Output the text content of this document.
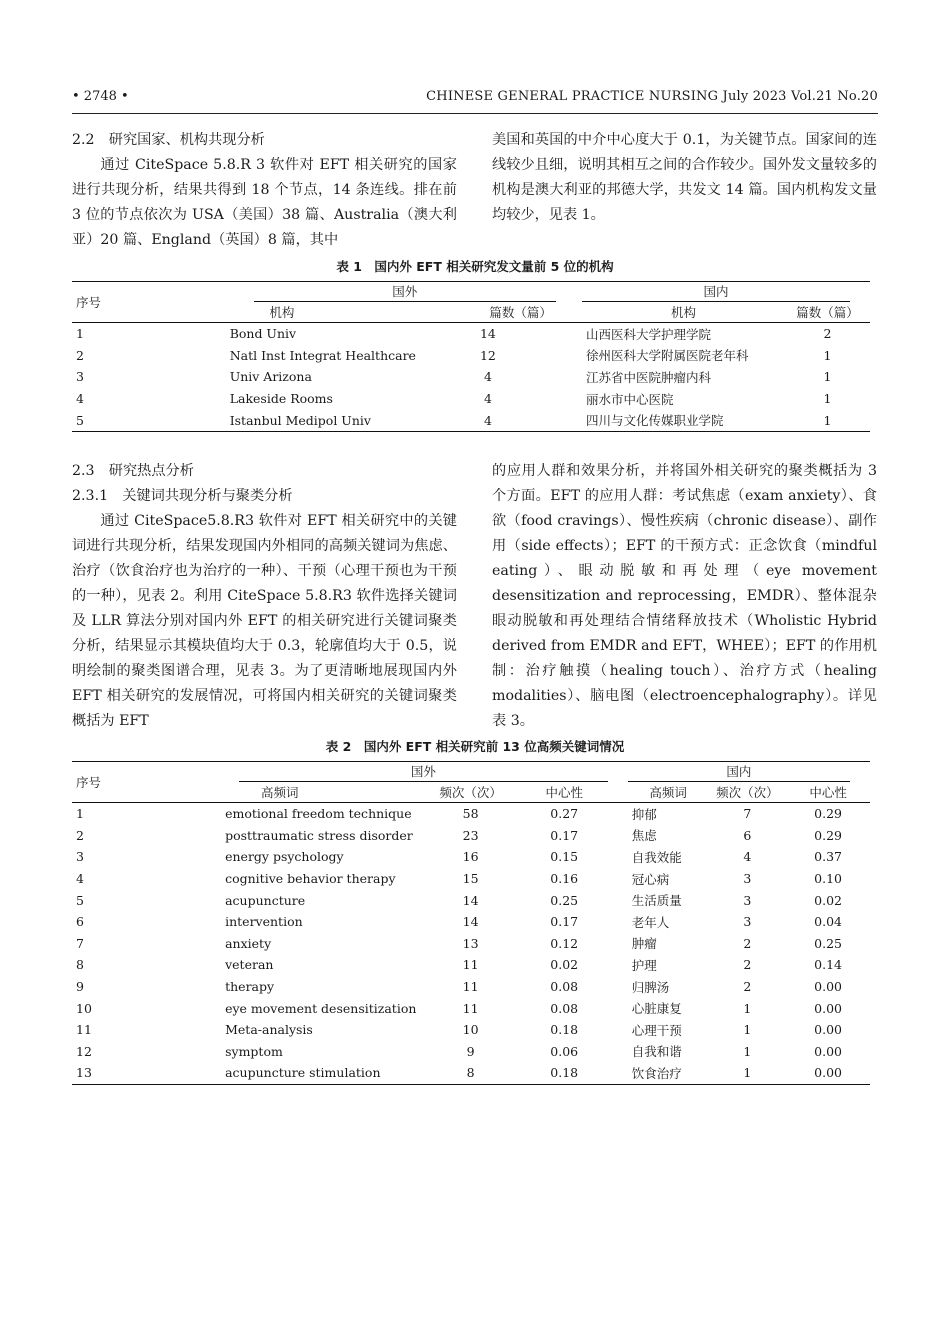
• 2748 •	CHINESE GENERAL PRACTICE NURSING July 2023 Vol.21 No.20

2.2　研究国家、机构共现分析

通过 CiteSpace 5.8.R 3 软件对 EFT 相关研究的国家进行共现分析，结果共得到 18 个节点，14 条连线。排在前 3 位的节点依次为 USA（美国）38 篇、Australia（澳大利亚）20 篇、England（英国）8 篇，其中

美国和英国的中介中心度大于 0.1，为关键节点。国家间的连线较少且细，说明其相互之间的合作较少。国外发文量较多的机构是澳大利亚的邦德大学，共发文 14 篇。国内机构发文量均较少，见表 1。

表 1　国内外 EFT 相关研究发文量前 5 位的机构
序号	国外			国内	

	机构	篇数（篇）		机构	篇数（篇）
1	Bond Univ	14		山西医科大学护理学院	2
2	Natl Inst Integrat Healthcare	12		徐州医科大学附属医院老年科	1
3	Univ Arizona	4		江苏省中医院肿瘤内科	1
4	Lakeside Rooms	4		丽水市中心医院	1
5	Istanbul Medipol Univ	4		四川与文化传媒职业学院	1

2.3　研究热点分析

2.3.1　关键词共现分析与聚类分析

通过 CiteSpace5.8.R3 软件对 EFT 相关研究中的关键词进行共现分析，结果发现国内外相同的高频关键词为焦虑、治疗（饮食治疗也为治疗的一种）、干预（心理干预也为干预的一种），见表 2。利用 CiteSpace 5.8.R3 软件选择关键词及 LLR 算法分别对国内外 EFT 的相关研究进行关键词聚类分析，结果显示其模块值均大于 0.3，轮廓值均大于 0.5，说明绘制的聚类图谱合理，见表 3。为了更清晰地展现国内外 EFT 相关研究的发展情况，可将国内相关研究的关键词聚类概括为 EFT

的应用人群和效果分析，并将国外相关研究的聚类概括为 3 个方面。EFT 的应用人群：考试焦虑（exam anxiety）、食欲（food cravings）、慢性疾病（chronic disease）、副作用（side effects）；EFT 的干预方式：正念饮食（mindful eating）、眼动脱敏和再处理（eye movement desensitization and reprocessing，EMDR）、整体混杂眼动脱敏和再处理结合情绪释放技术（Wholistic Hybrid derived from EMDR and EFT，WHEE）；EFT 的作用机制：治疗触摸（healing touch）、治疗方式（healing modalities）、脑电图（electroencephalography）。详见表 3。

表 2　国内外 EFT 相关研究前 13 位高频关键词情况
序号	国外				国内		

	高频词	频次（次）	中心性		高频词	频次（次）	中心性
1	emotional freedom technique	58	0.27		抑郁	7	0.29
2	posttraumatic stress disorder	23	0.17		焦虑	6	0.29
3	energy psychology	16	0.15		自我效能	4	0.37
4	cognitive behavior therapy	15	0.16		冠心病	3	0.10
5	acupuncture	14	0.25		生活质量	3	0.02
6	intervention	14	0.17		老年人	3	0.04
7	anxiety	13	0.12		肿瘤	2	0.25
8	veteran	11	0.02		护理	2	0.14
9	therapy	11	0.08		归脾汤	2	0.00
10	eye movement desensitization	11	0.08		心脏康复	1	0.00
11	Meta-analysis	10	0.18		心理干预	1	0.00
12	symptom	9	0.06		自我和谐	1	0.00
13	acupuncture stimulation	8	0.18		饮食治疗	1	0.00
